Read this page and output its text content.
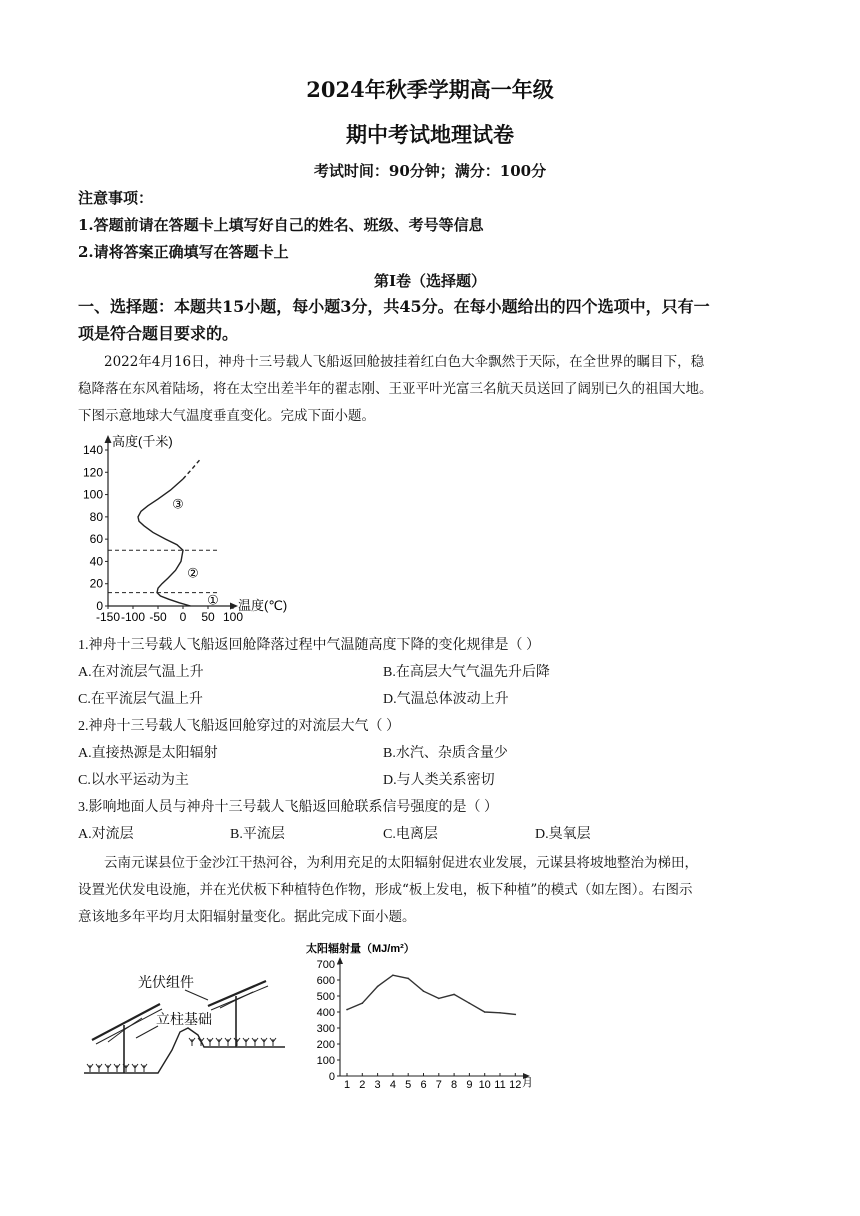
2024年秋季学期高一年级
期中考试地理试卷
考试时间：90分钟；满分：100分
注意事项：
1.答题前请在答题卡上填写好自己的姓名、班级、考号等信息
2.请将答案正确填写在答题卡上
第I卷（选择题）
一、选择题：本题共15小题，每小题3分，共45分。在每小题给出的四个选项中，只有一
项是符合题目要求的。
2022年4月16日，神舟十三号载人飞船返回舱披挂着红白色大伞飘然于天际，在全世界的瞩目下，稳
稳降落在东风着陆场，将在太空出差半年的翟志刚、王亚平叶光富三名航天员送回了阔别已久的祖国大地。
下图示意地球大气温度垂直变化。完成下面小题。
高度(千米)
温度(℃)
0
20
40
60
80
100
120
140
-150 -100 -50 0 50 100
①
②
③
1.神舟十三号载人飞船返回舱降落过程中气温随高度下降的变化规律是（ ）
A.在对流层气温上升	B.在高层大气气温先升后降
C.在平流层气温上升	D.气温总体波动上升
2.神舟十三号载人飞船返回舱穿过的对流层大气（ ）
A.直接热源是太阳辐射	B.水汽、杂质含量少
C.以水平运动为主	D.与人类关系密切
3.影响地面人员与神舟十三号载人飞船返回舱联系信号强度的是（ ）
A.对流层	B.平流层	C.电离层	D.臭氧层
云南元谋县位于金沙江干热河谷，为利用充足的太阳辐射促进农业发展，元谋县将坡地整治为梯田，
设置光伏发电设施，并在光伏板下种植特色作物，形成“板上发电，板下种植”的模式（如左图）。右图示
意该地多年平均月太阳辐射量变化。据此完成下面小题。
光伏组件
立柱基础
太阳辐射量（MJ/m²）
月
0
100
200
300
400
500
600
700
1 2 3 4 5 6 7 8 9 10 11 12
